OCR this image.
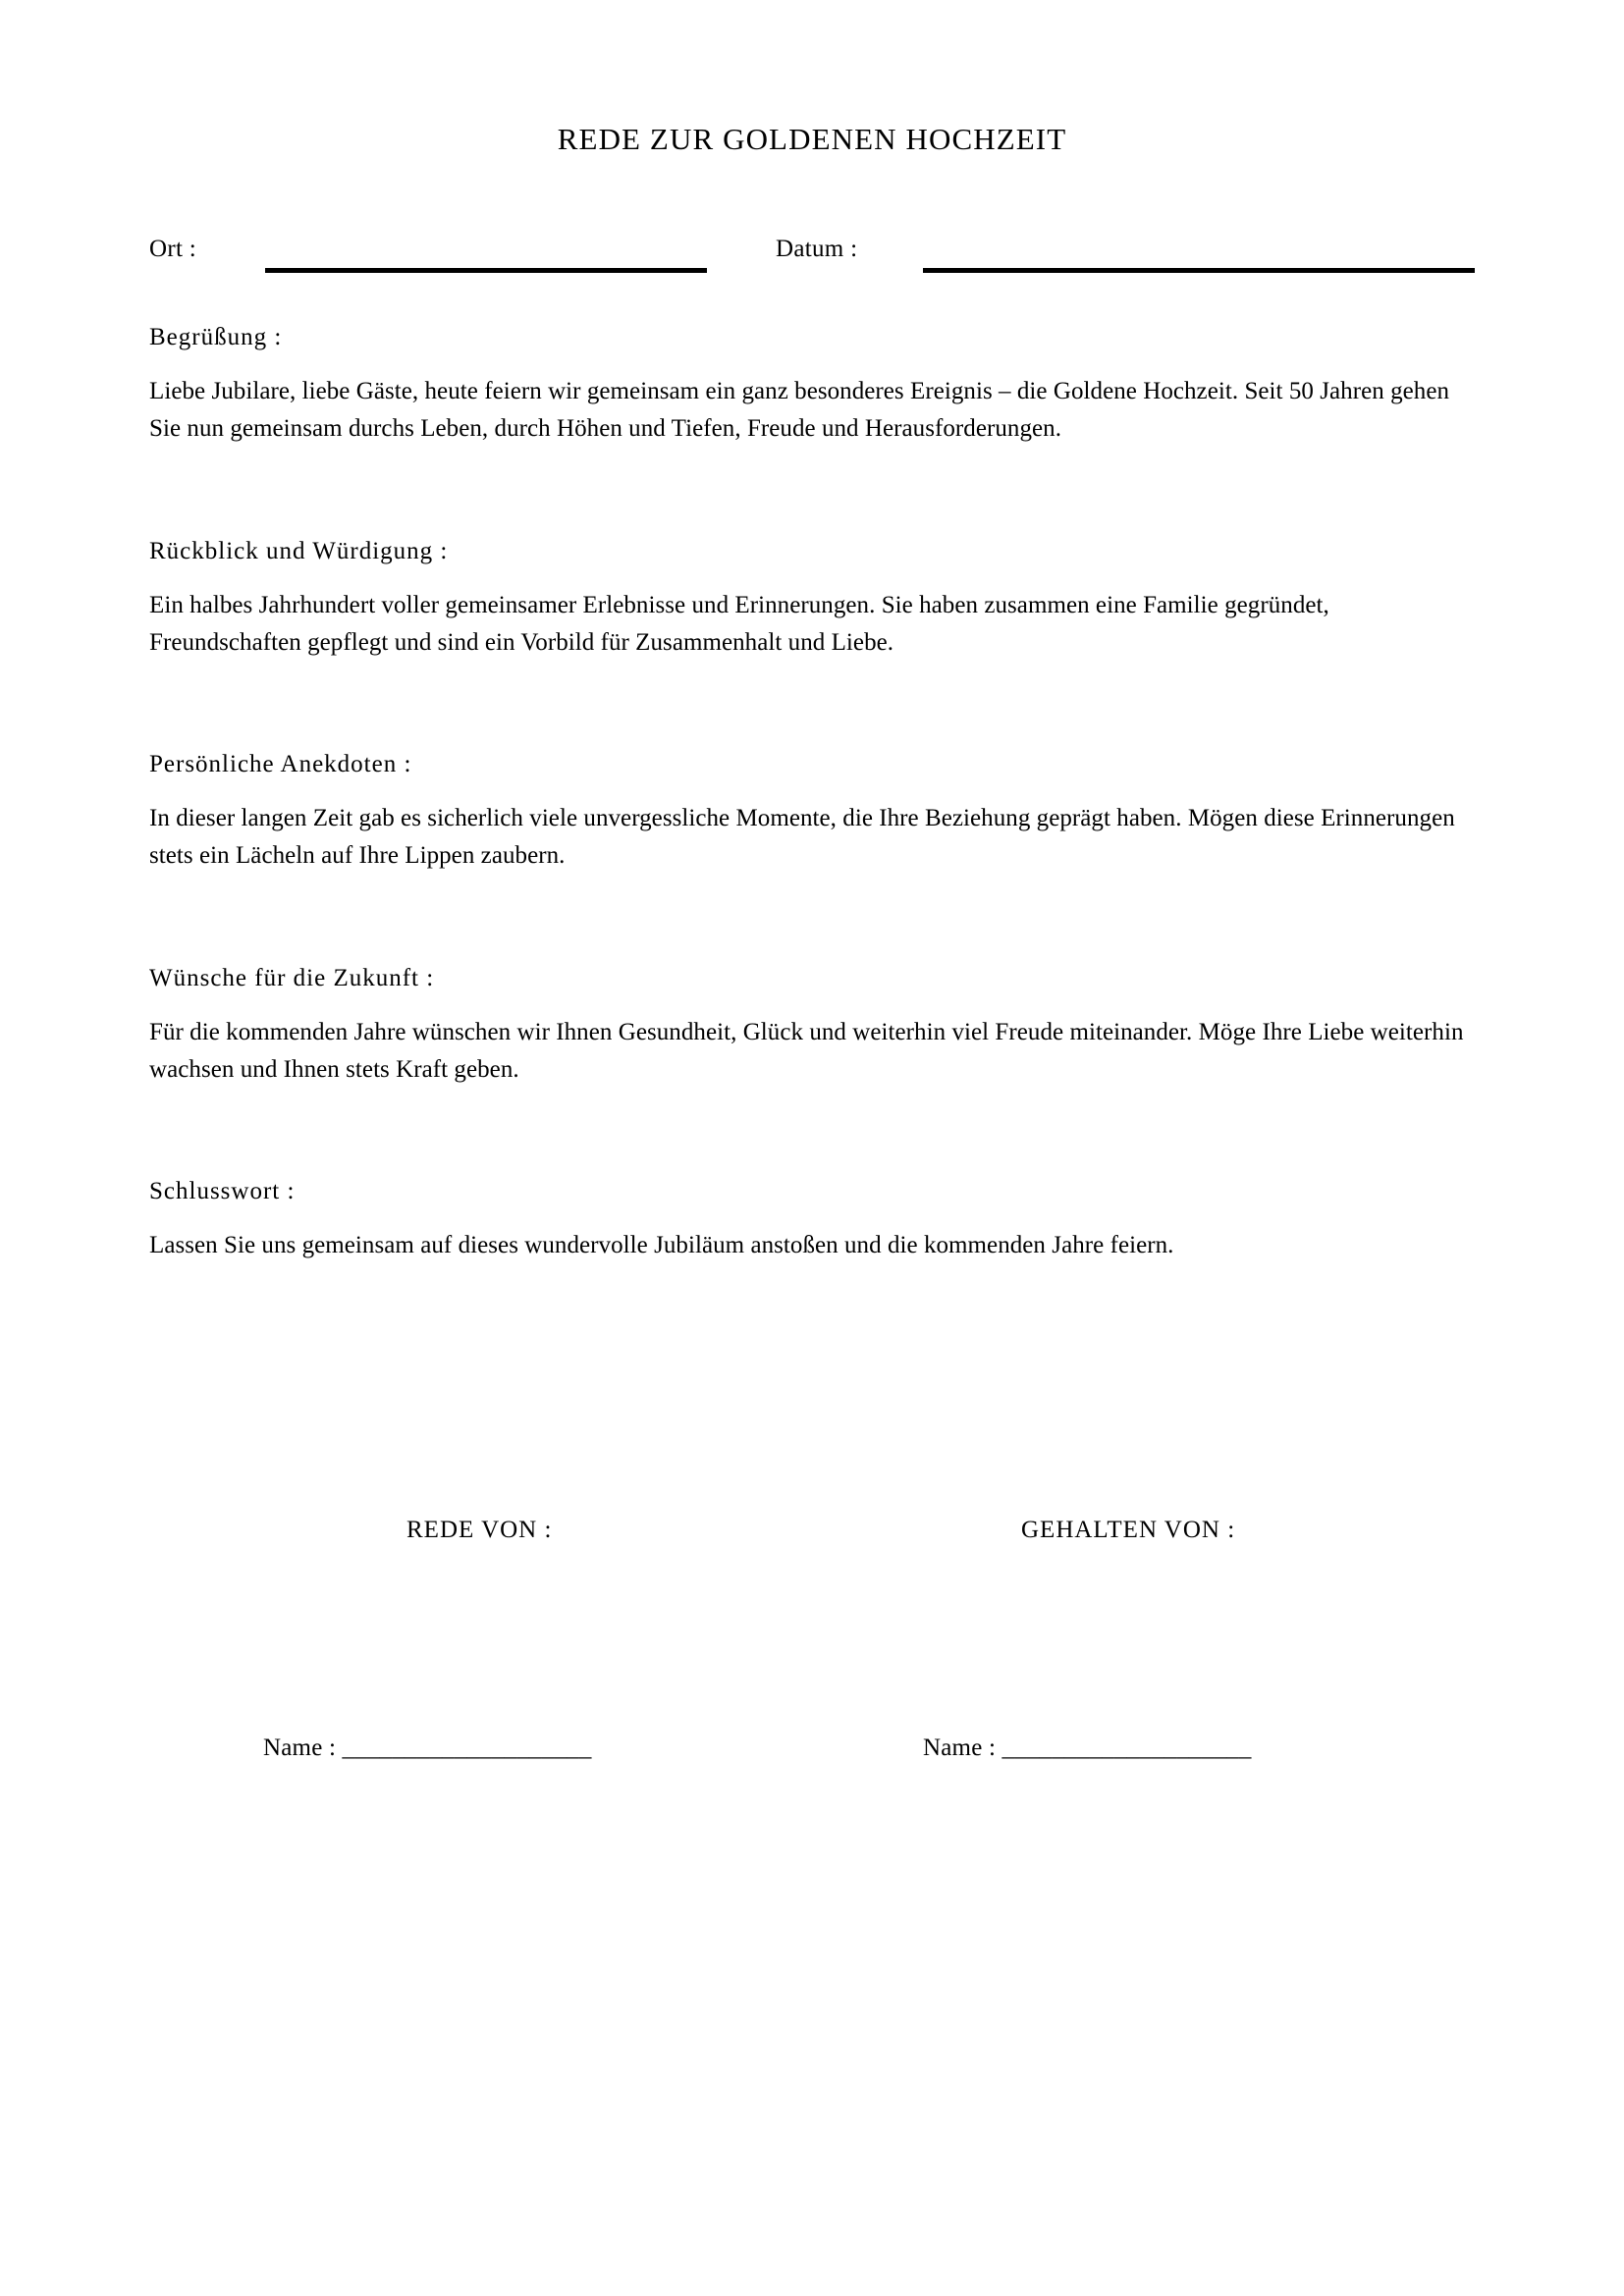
REDE ZUR GOLDENEN HOCHZEIT
Ort :	Datum :

Begrüßung :

Liebe Jubilare, liebe Gäste, heute feiern wir gemeinsam ein ganz besonderes Ereignis – die Goldene Hochzeit. Seit 50 Jahren gehen Sie nun gemeinsam durchs Leben, durch Höhen und Tiefen, Freude und Herausforderungen.

Rückblick und Würdigung :

Ein halbes Jahrhundert voller gemeinsamer Erlebnisse und Erinnerungen. Sie haben zusammen eine Familie gegründet, Freundschaften gepflegt und sind ein Vorbild für Zusammenhalt und Liebe.

Persönliche Anekdoten :

In dieser langen Zeit gab es sicherlich viele unvergessliche Momente, die Ihre Beziehung geprägt haben. Mögen diese Erinnerungen stets ein Lächeln auf Ihre Lippen zaubern.

Wünsche für die Zukunft :

Für die kommenden Jahre wünschen wir Ihnen Gesundheit, Glück und weiterhin viel Freude miteinander. Möge Ihre Liebe weiterhin wachsen und Ihnen stets Kraft geben.

Schlusswort :

Lassen Sie uns gemeinsam auf dieses wundervolle Jubiläum anstoßen und die kommenden Jahre feiern.

REDE VON :	GEHALTEN VON :
Name : ____________________	Name : ____________________
